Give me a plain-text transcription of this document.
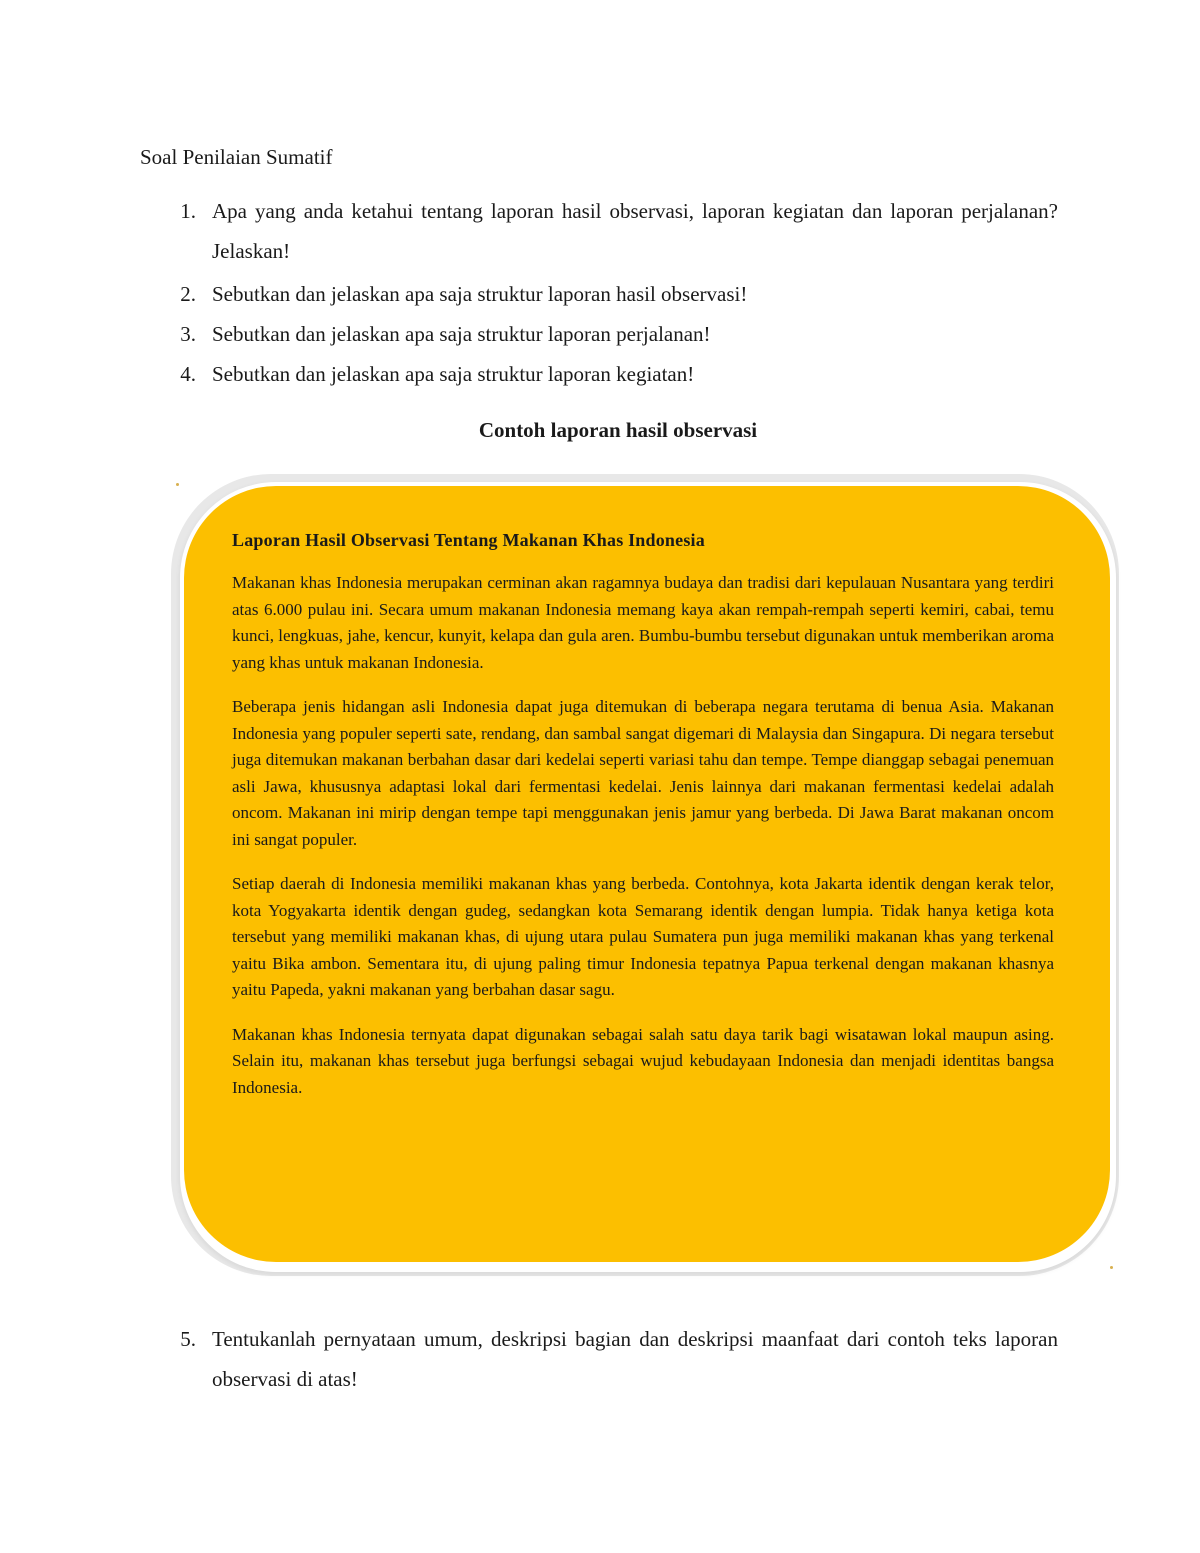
Soal Penilaian Sumatif
1. Apa yang anda ketahui tentang laporan hasil observasi, laporan kegiatan dan laporan perjalanan? Jelaskan!
2. Sebutkan dan jelaskan apa saja struktur laporan hasil observasi!
3. Sebutkan dan jelaskan apa saja struktur laporan perjalanan!
4. Sebutkan dan jelaskan apa saja struktur laporan kegiatan!
5. Tentukanlah pernyataan umum, deskripsi bagian dan deskripsi maanfaat dari contoh teks laporan observasi di atas!
Contoh laporan hasil observasi
Laporan Hasil Observasi Tentang Makanan Khas Indonesia

Makanan khas Indonesia merupakan cerminan akan ragamnya budaya dan tradisi dari kepulauan Nusantara yang terdiri atas 6.000 pulau ini. Secara umum makanan Indonesia memang kaya akan rempah-rempah seperti kemiri, cabai, temu kunci, lengkuas, jahe, kencur, kunyit, kelapa dan gula aren. Bumbu-bumbu tersebut digunakan untuk memberikan aroma yang khas untuk makanan Indonesia.

Beberapa jenis hidangan asli Indonesia dapat juga ditemukan di beberapa negara terutama di benua Asia. Makanan Indonesia yang populer seperti sate, rendang, dan sambal sangat digemari di Malaysia dan Singapura. Di negara tersebut juga ditemukan makanan berbahan dasar dari kedelai seperti variasi tahu dan tempe. Tempe dianggap sebagai penemuan asli Jawa, khususnya adaptasi lokal dari fermentasi kedelai. Jenis lainnya dari makanan fermentasi kedelai adalah oncom. Makanan ini mirip dengan tempe tapi menggunakan jenis jamur yang berbeda. Di Jawa Barat makanan oncom ini sangat populer.

Setiap daerah di Indonesia memiliki makanan khas yang berbeda. Contohnya, kota Jakarta identik dengan kerak telor, kota Yogyakarta identik dengan gudeg, sedangkan kota Semarang identik dengan lumpia. Tidak hanya ketiga kota tersebut yang memiliki makanan khas, di ujung utara pulau Sumatera pun juga memiliki makanan khas yang terkenal yaitu Bika ambon. Sementara itu, di ujung paling timur Indonesia tepatnya Papua terkenal dengan makanan khasnya yaitu Papeda, yakni makanan yang berbahan dasar sagu.

Makanan khas Indonesia ternyata dapat digunakan sebagai salah satu daya tarik bagi wisatawan lokal maupun asing. Selain itu, makanan khas tersebut juga berfungsi sebagai wujud kebudayaan Indonesia dan menjadi identitas bangsa Indonesia.
